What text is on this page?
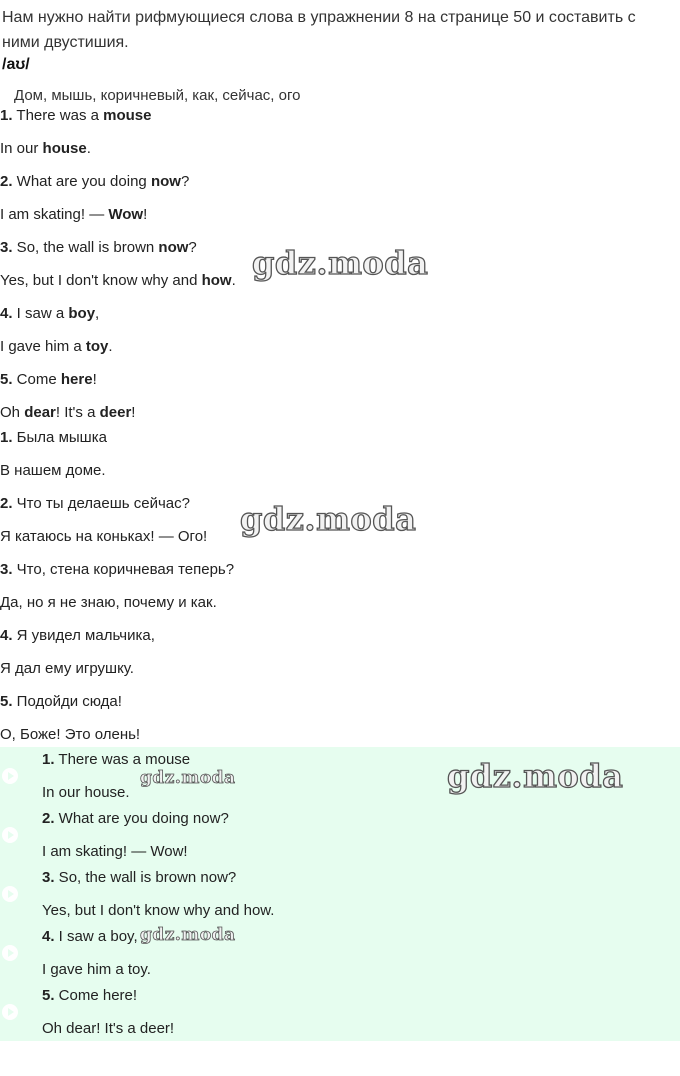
Нам нужно найти рифмующиеся слова в упражнении 8 на странице 50 и составить с ними двустишия.
/aʊ/
Дом, мышь, коричневый, как, сейчас, ого
1. There was a mouse
In our house.
2. What are you doing now?
I am skating! — Wow!
3. So, the wall is brown now?
Yes, but I don't know why and how.
4. I saw a boy,
I gave him a toy.
5. Come here!
Oh dear! It's a deer!
1. Была мышка
В нашем доме.
2. Что ты делаешь сейчас?
Я катаюсь на коньках! — Ого!
3. Что, стена коричневая теперь?
Да, но я не знаю, почему и как.
4. Я увидел мальчика,
Я дал ему игрушку.
5. Подойди сюда!
О, Боже! Это олень!
1. There was a mouse
In our house.
2. What are you doing now?
I am skating! — Wow!
3. So, the wall is brown now?
Yes, but I don't know why and how.
4. I saw a boy,
I gave him a toy.
5. Come here!
Oh dear! It's a deer!
gdz.moda
gdz.moda
gdz.moda
gdz.moda
gdz.moda
